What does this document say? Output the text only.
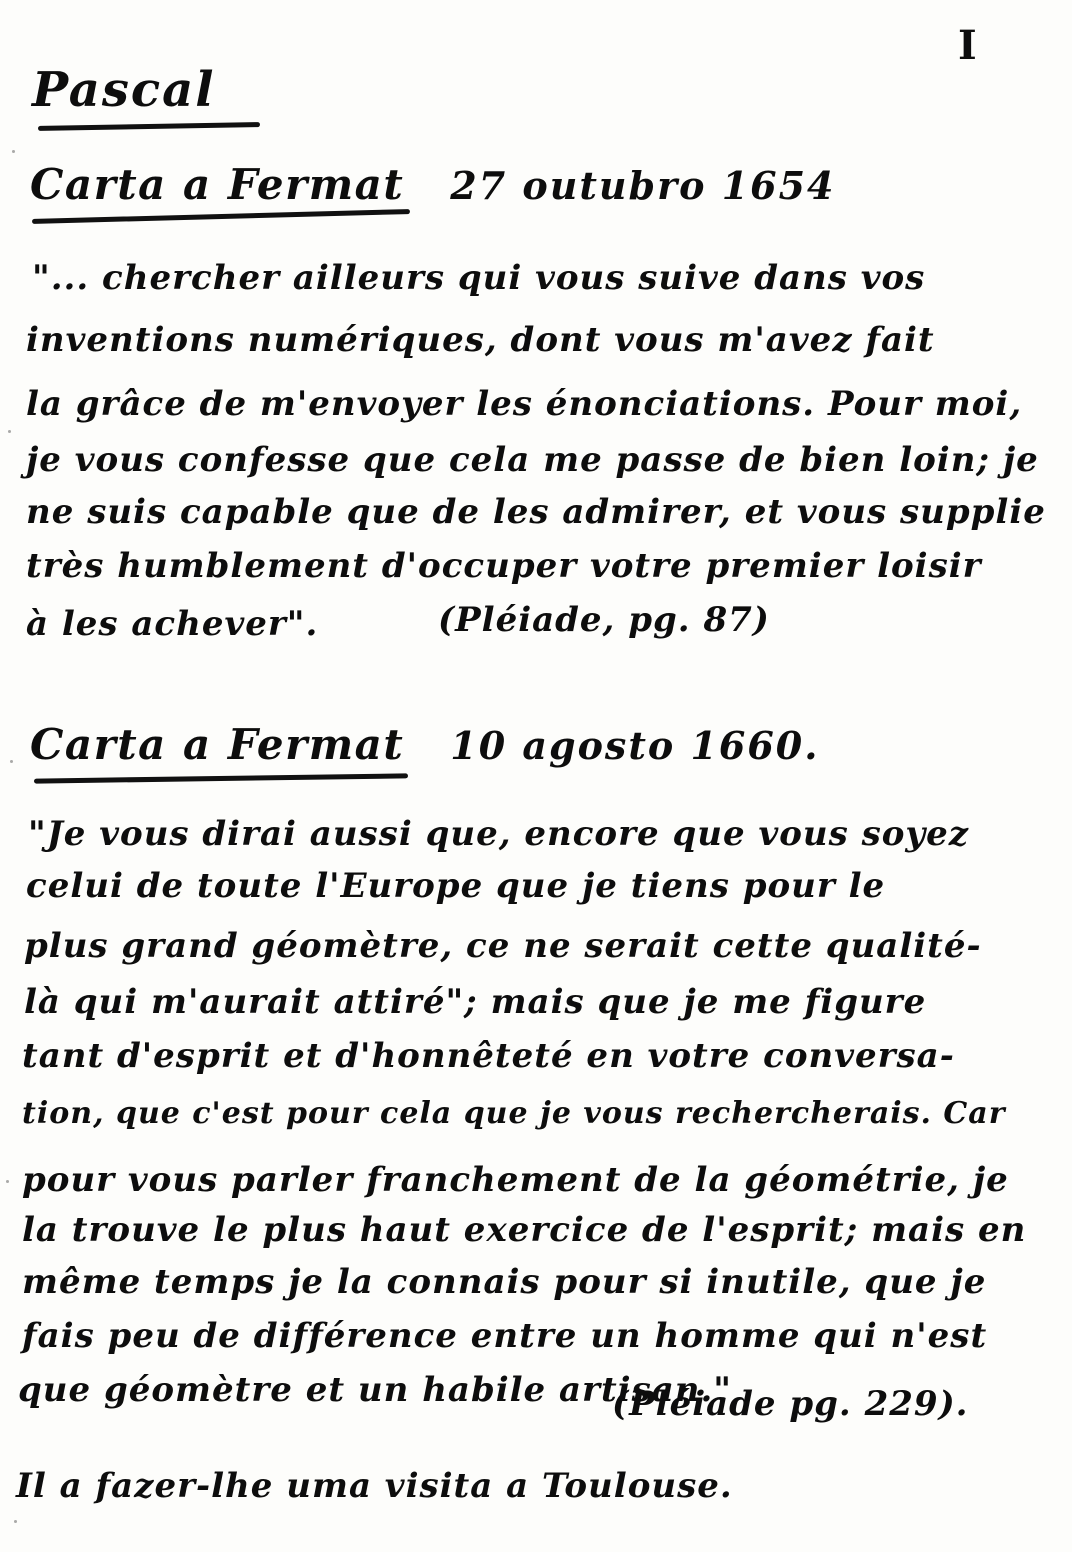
I
Pascal
Carta a Fermat 27 outubro 1654
"... chercher ailleurs qui vous suive dans vos
inventions numériques, dont vous m'avez fait
la grâce de m'envoyer les énonciations. Pour moi,
je vous confesse que cela me passe de bien loin; je
ne suis capable que de les admirer, et vous supplie
très humblement d'occuper votre premier loisir
à les achever".	(Pléiade, pg. 87)
Carta a Fermat 10 agosto 1660.
"Je vous dirai aussi que, encore que vous soyez
celui de toute l'Europe que je tiens pour le
plus grand géomètre, ce ne serait cette qualité-
là qui m'aurait attiré"; mais que je me figure
tant d'esprit et d'honnêteté en votre conversa-
tion, que c'est pour cela que je vous rechercherais. Car
pour vous parler franchement de la géométrie, je
la trouve le plus haut exercice de l'esprit; mais en
même temps je la connais pour si inutile, que je
fais peu de différence entre un homme qui n'est
que géomètre et un habile artisan."
(Pléiade pg. 229).
Il a fazer-lhe uma visita a Toulouse.
